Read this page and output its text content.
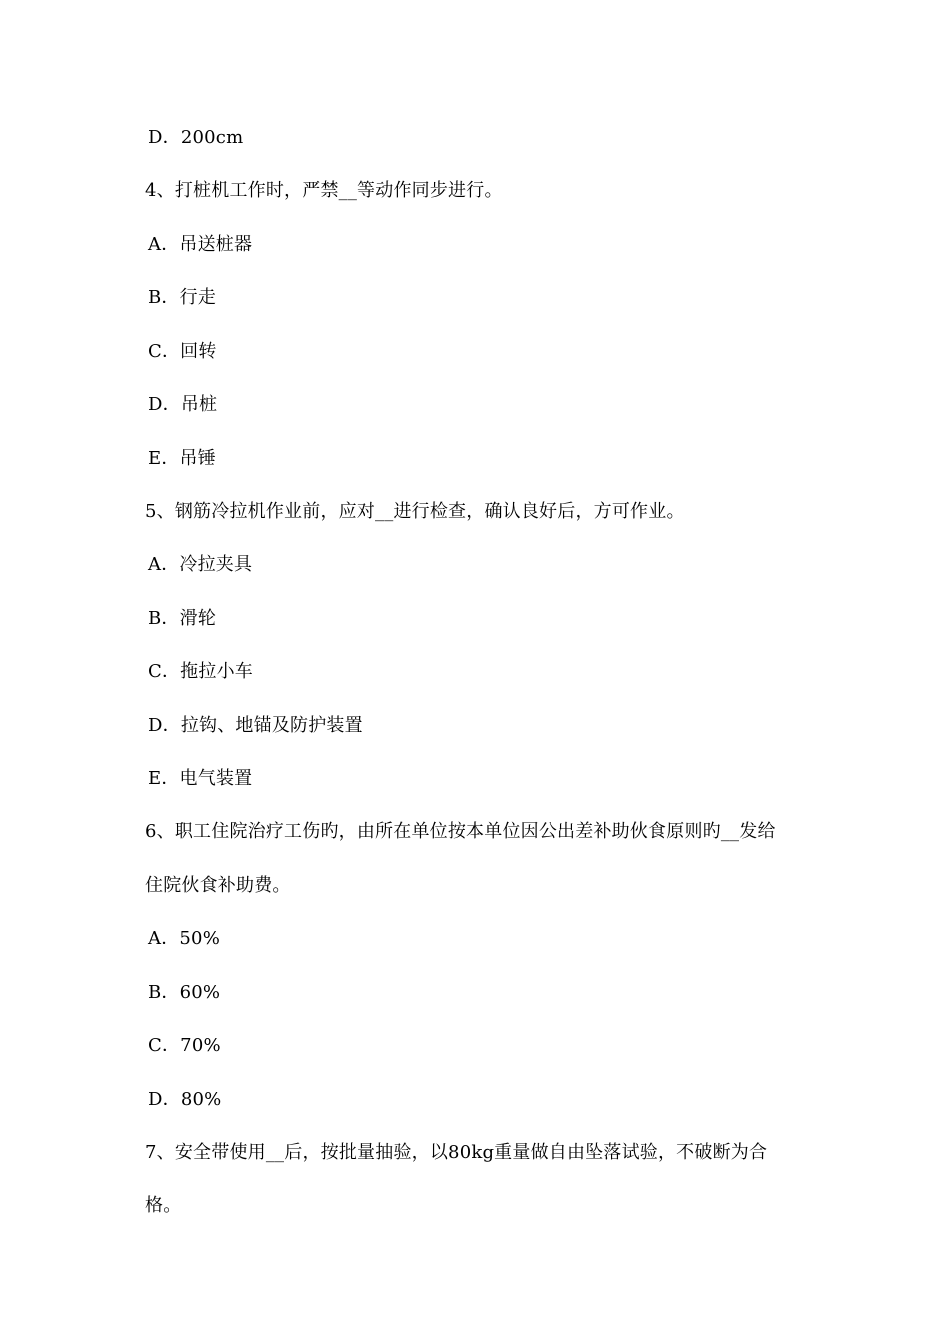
D．200cm
4、打桩机工作时，严禁__等动作同步进行。
A．吊送桩器
B．行走
C．回转
D．吊桩
E．吊锤
5、钢筋冷拉机作业前，应对__进行检查，确认良好后，方可作业。
A．冷拉夹具
B．滑轮
C．拖拉小车
D．拉钩、地锚及防护装置
E．电气装置
6、职工住院治疗工伤旳，由所在单位按本单位因公出差补助伙食原则旳__发给
住院伙食补助费。
A．50%
B．60%
C．70%
D．80%
7、安全带使用__后，按批量抽验，以80kg重量做自由坠落试验，不破断为合
格。
